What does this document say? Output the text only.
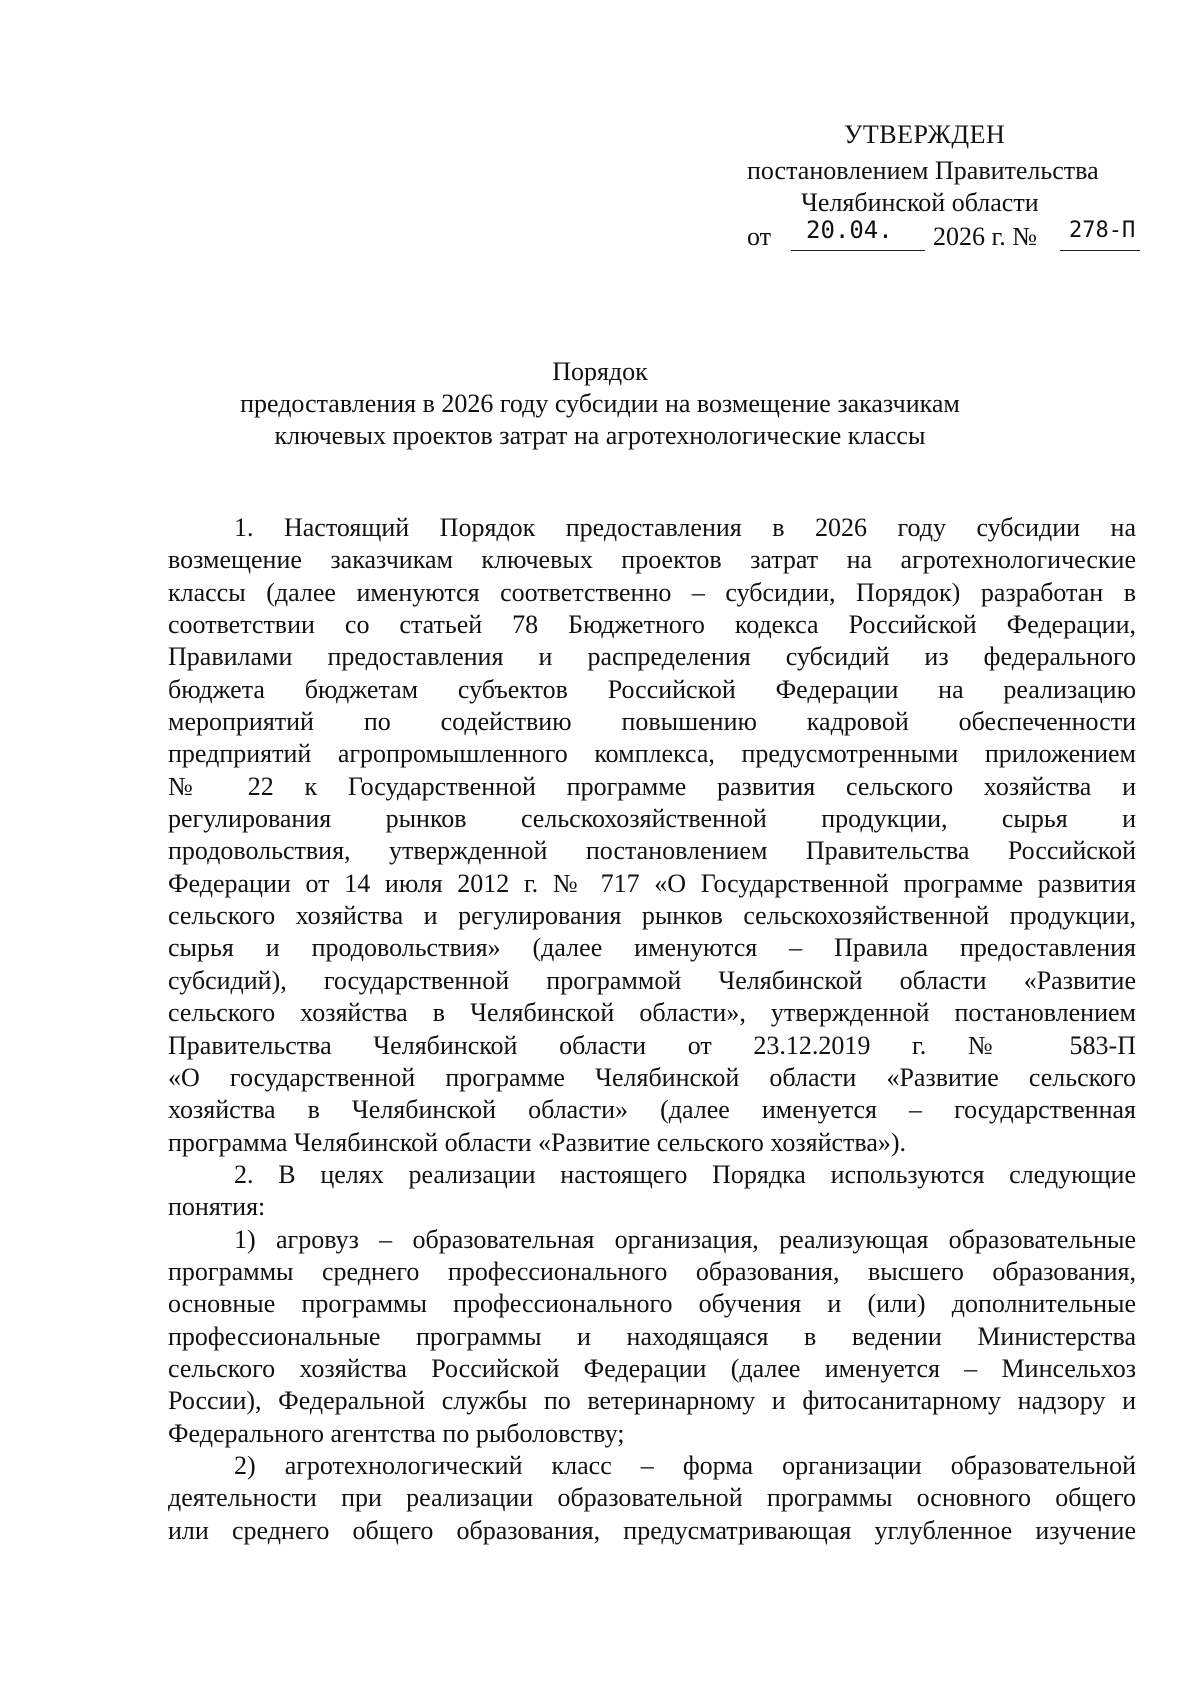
УТВЕРЖДЕН
постановлением Правительства
Челябинской области
от 20.04. 2026 г. № 278-П
Порядок
предоставления в 2026 году субсидии на возмещение заказчикам
ключевых проектов затрат на агротехнологические классы
1. Настоящий Порядок предоставления в 2026 году субсидии на
возмещение заказчикам ключевых проектов затрат на агротехнологические
классы (далее именуются соответственно – субсидии, Порядок) разработан в
соответствии со статьей 78 Бюджетного кодекса Российской Федерации,
Правилами предоставления и распределения субсидий из федерального
бюджета бюджетам субъектов Российской Федерации на реализацию
мероприятий по содействию повышению кадровой обеспеченности
предприятий агропромышленного комплекса, предусмотренными приложением
№ 22 к Государственной программе развития сельского хозяйства и
регулирования рынков сельскохозяйственной продукции, сырья и
продовольствия, утвержденной постановлением Правительства Российской
Федерации от 14 июля 2012 г. № 717 «О Государственной программе развития
сельского хозяйства и регулирования рынков сельскохозяйственной продукции,
сырья и продовольствия» (далее именуются – Правила предоставления
субсидий), государственной программой Челябинской области «Развитие
сельского хозяйства в Челябинской области», утвержденной постановлением
Правительства Челябинской области от 23.12.2019 г. № 583-П
«О государственной программе Челябинской области «Развитие сельского
хозяйства в Челябинской области» (далее именуется – государственная
программа Челябинской области «Развитие сельского хозяйства»).
2. В целях реализации настоящего Порядка используются следующие
понятия:
1) агровуз – образовательная организация, реализующая образовательные
программы среднего профессионального образования, высшего образования,
основные программы профессионального обучения и (или) дополнительные
профессиональные программы и находящаяся в ведении Министерства
сельского хозяйства Российской Федерации (далее именуется – Минсельхоз
России), Федеральной службы по ветеринарному и фитосанитарному надзору и
Федерального агентства по рыболовству;
2) агротехнологический класс – форма организации образовательной
деятельности при реализации образовательной программы основного общего
или среднего общего образования, предусматривающая углубленное изучение
